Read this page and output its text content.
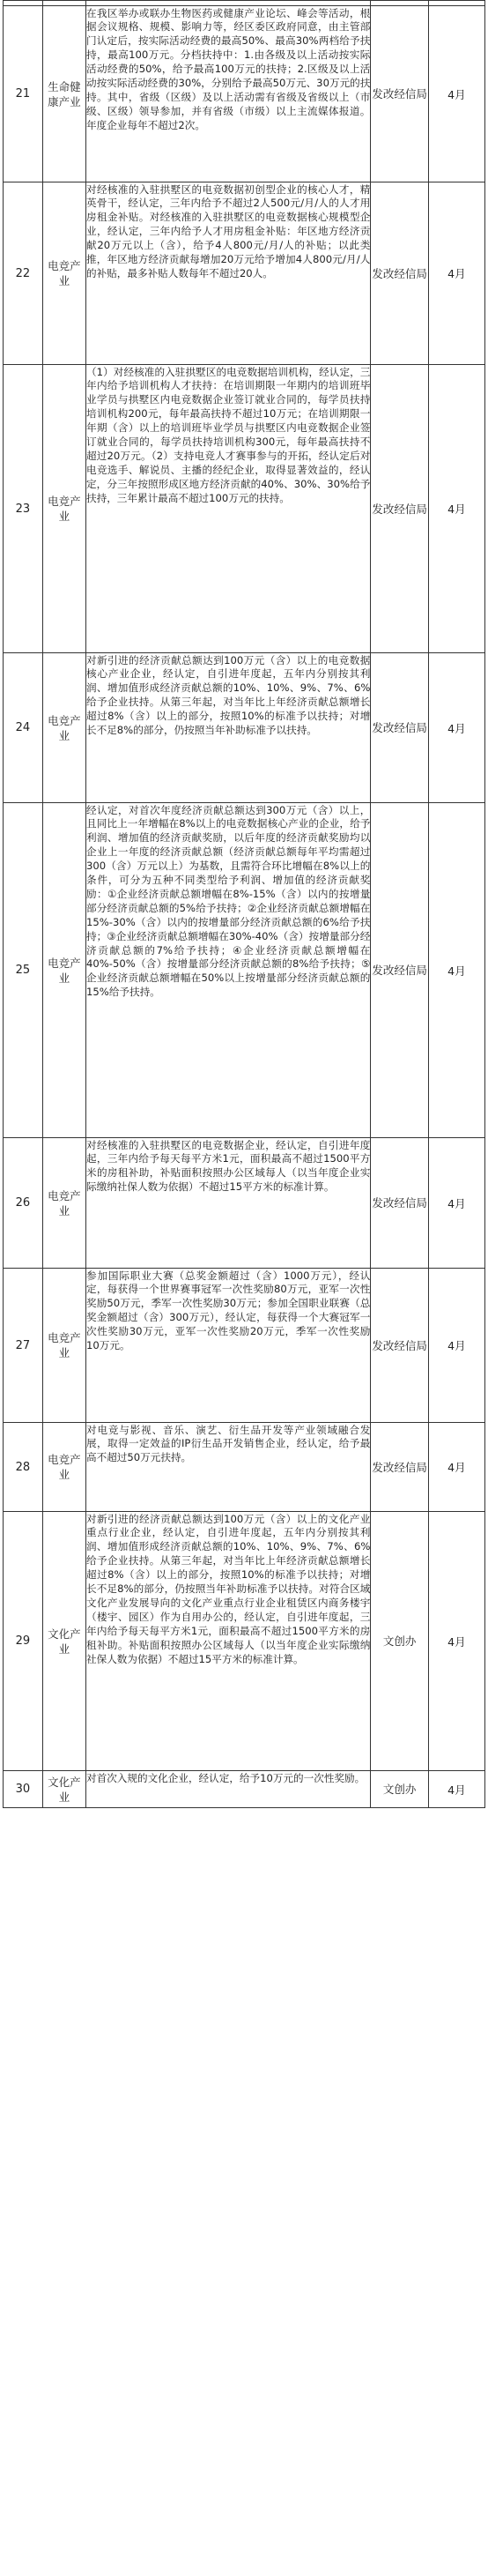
21	生命健康产业	在我区举办或联办生物医药或健康产业论坛、峰会等活动，根据会议规格、规模、影响力等，经区委区政府同意，由主管部门认定后，按实际活动经费的最高50%、最高30%两档给予扶持，最高100万元。分档扶持中：1.由各级及以上活动按实际活动经费的50%，给予最高100万元的扶持；2.区级及以上活动按实际活动经费的30%，分别给予最高50万元、30万元的扶持。其中，省级（区级）及以上活动需有省级及省级以上（市级、区级）领导参加，并有省级（市级）以上主流媒体报道。年度企业每年不超过2次。	发改经信局	4月
22	电竞产业	对经核准的入驻拱墅区的电竞数据初创型企业的核心人才，精英骨干，经认定，三年内给予不超过2人500元/月/人的人才用房租金补贴。对经核准的入驻拱墅区的电竞数据核心规模型企业，经认定，三年内给予人才用房租金补贴：年区地方经济贡献20万元以上（含），给予4人800元/月/人的补贴；以此类推，年区地方经济贡献每增加20万元给予增加4人800元/月/人的补贴，最多补贴人数每年不超过20人。	发改经信局	4月
23	电竞产业	（1）对经核准的入驻拱墅区的电竞数据培训机构，经认定，三年内给予培训机构人才扶持：在培训期限一年期内的培训班毕业学员与拱墅区内电竞数据企业签订就业合同的，每学员扶持培训机构200元，每年最高扶持不超过10万元；在培训期限一年期（含）以上的培训班毕业学员与拱墅区内电竞数据企业签订就业合同的，每学员扶持培训机构300元，每年最高扶持不超过20万元。（2）支持电竞人才赛事参与的开拓，经认定后对电竞选手、解说员、主播的经纪企业，取得显著效益的，经认定，分三年按照形成区地方经济贡献的40%、30%、30%给予扶持，三年累计最高不超过100万元的扶持。	发改经信局	4月
24	电竞产业	对新引进的经济贡献总额达到100万元（含）以上的电竞数据核心产业企业，经认定，自引进年度起，五年内分别按其利润、增加值形成经济贡献总额的10%、10%、9%、7%、6%给予企业扶持。从第三年起，对当年比上年经济贡献总额增长超过8%（含）以上的部分，按照10%的标准予以扶持；对增长不足8%的部分，仍按照当年补助标准予以扶持。	发改经信局	4月
25	电竞产业	经认定，对首次年度经济贡献总额达到300万元（含）以上，且同比上一年增幅在8%以上的电竞数据核心产业的企业，给予利润、增加值的经济贡献奖励，以后年度的经济贡献奖励均以企业上一年度的经济贡献总额（经济贡献总额每年平均需超过300（含）万元以上）为基数，且需符合环比增幅在8%以上的条件，可分为五种不同类型给予利润、增加值的经济贡献奖励：①企业经济贡献总额增幅在8%-15%（含）以内的按增量部分经济贡献总额的5%给予扶持；②企业经济贡献总额增幅在15%-30%（含）以内的按增量部分经济贡献总额的6%给予扶持；③企业经济贡献总额增幅在30%-40%（含）按增量部分经济贡献总额的7%给予扶持；④企业经济贡献总额增幅在40%-50%（含）按增量部分经济贡献总额的8%给予扶持；⑤企业经济贡献总额增幅在50%以上按增量部分经济贡献总额的15%给予扶持。	发改经信局	4月
26	电竞产业	对经核准的入驻拱墅区的电竞数据企业，经认定，自引进年度起，三年内给予每天每平方米1元，面积最高不超过1500平方米的房租补助，补贴面积按照办公区域每人（以当年度企业实际缴纳社保人数为依据）不超过15平方米的标准计算。	发改经信局	4月
27	电竞产业	参加国际职业大赛（总奖金额超过（含）1000万元），经认定，每获得一个世界赛事冠军一次性奖励80万元，亚军一次性奖励50万元，季军一次性奖励30万元；参加全国职业联赛（总奖金额超过（含）300万元），经认定，每获得一个大赛冠军一次性奖励30万元，亚军一次性奖励20万元，季军一次性奖励10万元。	发改经信局	4月
28	电竞产业	对电竞与影视、音乐、演艺、衍生品开发等产业领域融合发展，取得一定效益的IP衍生品开发销售企业，经认定，给予最高不超过50万元扶持。	发改经信局	4月
29	文化产业	对新引进的经济贡献总额达到100万元（含）以上的文化产业重点行业企业，经认定，自引进年度起，五年内分别按其利润、增加值形成经济贡献总额的10%、10%、9%、7%、6%给予企业扶持。从第三年起，对当年比上年经济贡献总额增长超过8%（含）以上的部分，按照10%的标准予以扶持；对增长不足8%的部分，仍按照当年补助标准予以扶持。对符合区域文化产业发展导向的文化产业重点行业企业租赁区内商务楼宇（楼宇、园区）作为自用办公的，经认定，自引进年度起，三年内给予每天每平方米1元，面积最高不超过1500平方米的房租补助。补贴面积按照办公区域每人（以当年度企业实际缴纳社保人数为依据）不超过15平方米的标准计算。	文创办	4月
30	文化产业	对首次入规的文化企业，经认定，给予10万元的一次性奖励。	文创办	4月
